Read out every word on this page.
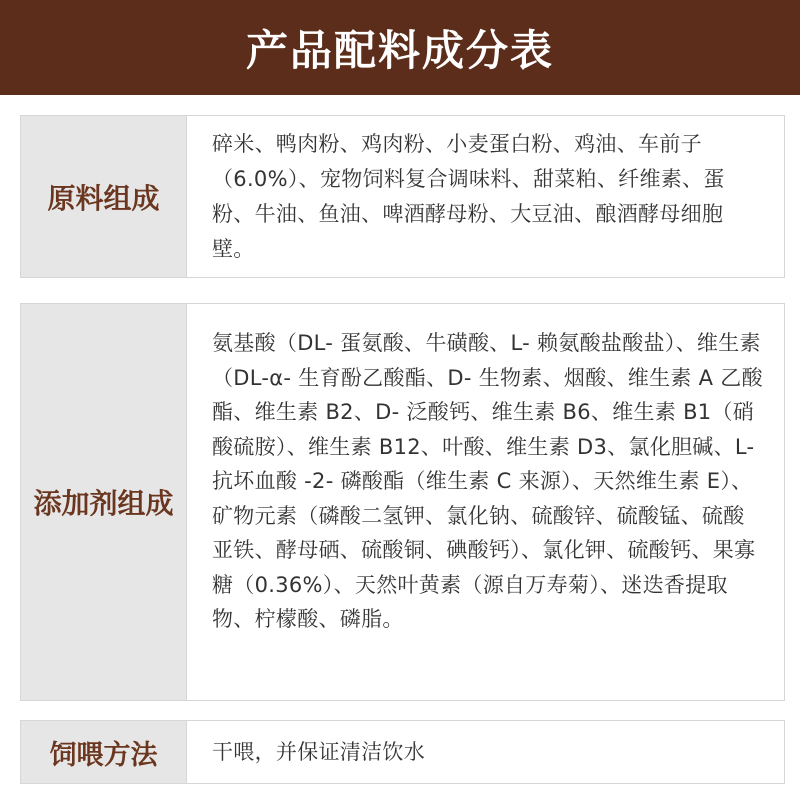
产品配料成分表
原料组成

碎米、鸭肉粉、鸡肉粉、小麦蛋白粉、鸡油、车前子（6.0%）、宠物饲料复合调味料、甜菜粕、纤维素、蛋粉、牛油、鱼油、啤酒酵母粉、大豆油、酿酒酵母细胞壁。

添加剂组成

氨基酸（DL- 蛋氨酸、牛磺酸、L- 赖氨酸盐酸盐）、维生素（DL-α- 生育酚乙酸酯、D- 生物素、烟酸、维生素 A 乙酸酯、维生素 B2、D- 泛酸钙、维生素 B6、维生素 B1（硝酸硫胺）、维生素 B12、叶酸、维生素 D3、氯化胆碱、L- 抗坏血酸 -2- 磷酸酯（维生素 C 来源）、天然维生素 E）、矿物元素（磷酸二氢钾、氯化钠、硫酸锌、硫酸锰、硫酸亚铁、酵母硒、硫酸铜、碘酸钙）、氯化钾、硫酸钙、果寡糖（0.36%）、天然叶黄素（源自万寿菊）、迷迭香提取物、柠檬酸、磷脂。

饲喂方法	干喂，并保证清洁饮水
